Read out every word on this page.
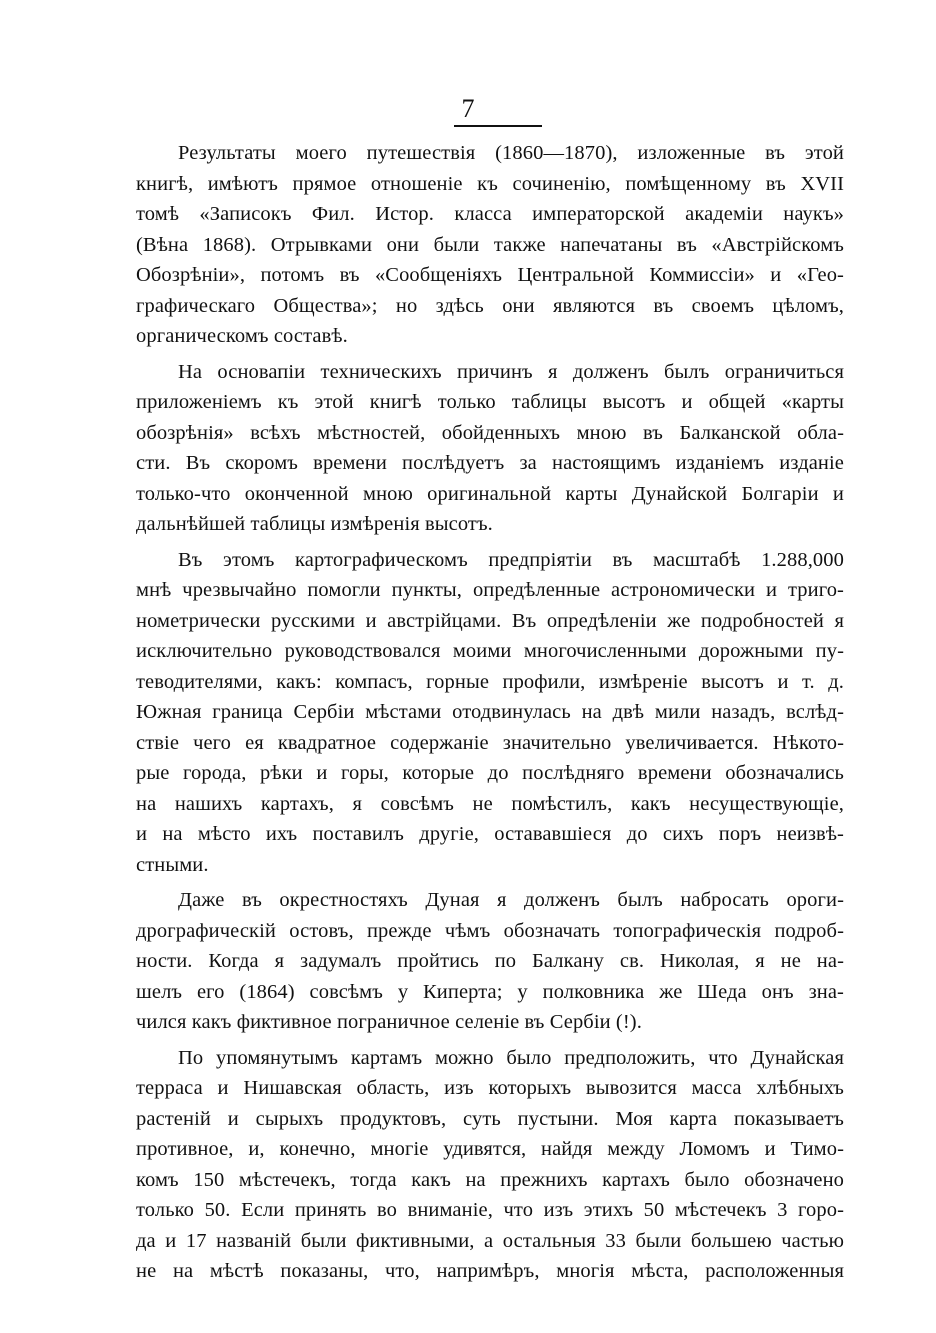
7

Результаты моего путешествія (1860—1870), изложенные въ этой
книгѣ, имѣютъ прямое отношеніе къ сочиненію, помѣщенному въ XVII
томѣ «Записокъ Фил. Истор. класса императорской академіи наукъ»
(Вѣна 1868). Отрывками они были также напечатаны въ «Австрійскомъ
Обозрѣніи», потомъ въ «Сообщеніяхъ Центральной Коммиссіи» и «Гео-
графическаго Общества»; но здѣсь они являются въ своемъ цѣломъ,
органическомъ составѣ.

На основапіи техническихъ причинъ я долженъ былъ ограничиться
приложеніемъ къ этой книгѣ только таблицы высотъ и общей «карты
обозрѣнія» всѣхъ мѣстностей, обойденныхъ мною въ Балканской обла-
сти. Въ скоромъ времени послѣдуетъ за настоящимъ изданіемъ изданіе
только-что оконченной мною оригинальной карты Дунайской Болгаріи и
дальнѣйшей таблицы измѣренія высотъ.

Въ этомъ картографическомъ предпріятіи въ масштабѣ 1.288,000
мнѣ чрезвычайно помогли пункты, опредѣленные астрономически и триго-
нометрически русскими и австрійцами. Въ опредѣленіи же подробностей я
исключительно руководствовался моими многочисленными дорожными пу-
теводителями, какъ: компасъ, горные профили, измѣреніе высотъ и т. д.
Южная граница Сербіи мѣстами отодвинулась на двѣ мили назадъ, вслѣд-
ствіе чего ея квадратное содержаніе значительно увеличивается. Нѣкото-
рые города, рѣки и горы, которые до послѣдняго времени обозначались
на нашихъ картахъ, я совсѣмъ не помѣстилъ, какъ несуществующіе,
и на мѣсто ихъ поставилъ другіе, остававшіеся до сихъ поръ неизвѣ-
стными.

Даже въ окрестностяхъ Дуная я долженъ былъ набросать ороги-
дрографическій остовъ, прежде чѣмъ обозначать топографическія подроб-
ности. Когда я задумалъ пройтись по Балкану св. Николая, я не на-
шелъ его (1864) совсѣмъ у Киперта; у полковника же Шеда онъ зна-
чился какъ фиктивное пограничное селеніе въ Сербіи (!).

По упомянутымъ картамъ можно было предположить, что Дунайская
терраса и Нишавская область, изъ которыхъ вывозится масса хлѣбныхъ
растеній и сырыхъ продуктовъ, суть пустыни. Моя карта показываетъ
противное, и, конечно, многіе удивятся, найдя между Ломомъ и Тимо-
комъ 150 мѣстечекъ, тогда какъ на прежнихъ картахъ было обозначено
только 50. Если принять во вниманіе, что изъ этихъ 50 мѣстечекъ 3 горо-
да и 17 названій были фиктивными, а остальныя 33 были большею частью
не на мѣстѣ показаны, что, напримѣръ, многія мѣста, расположенныя
